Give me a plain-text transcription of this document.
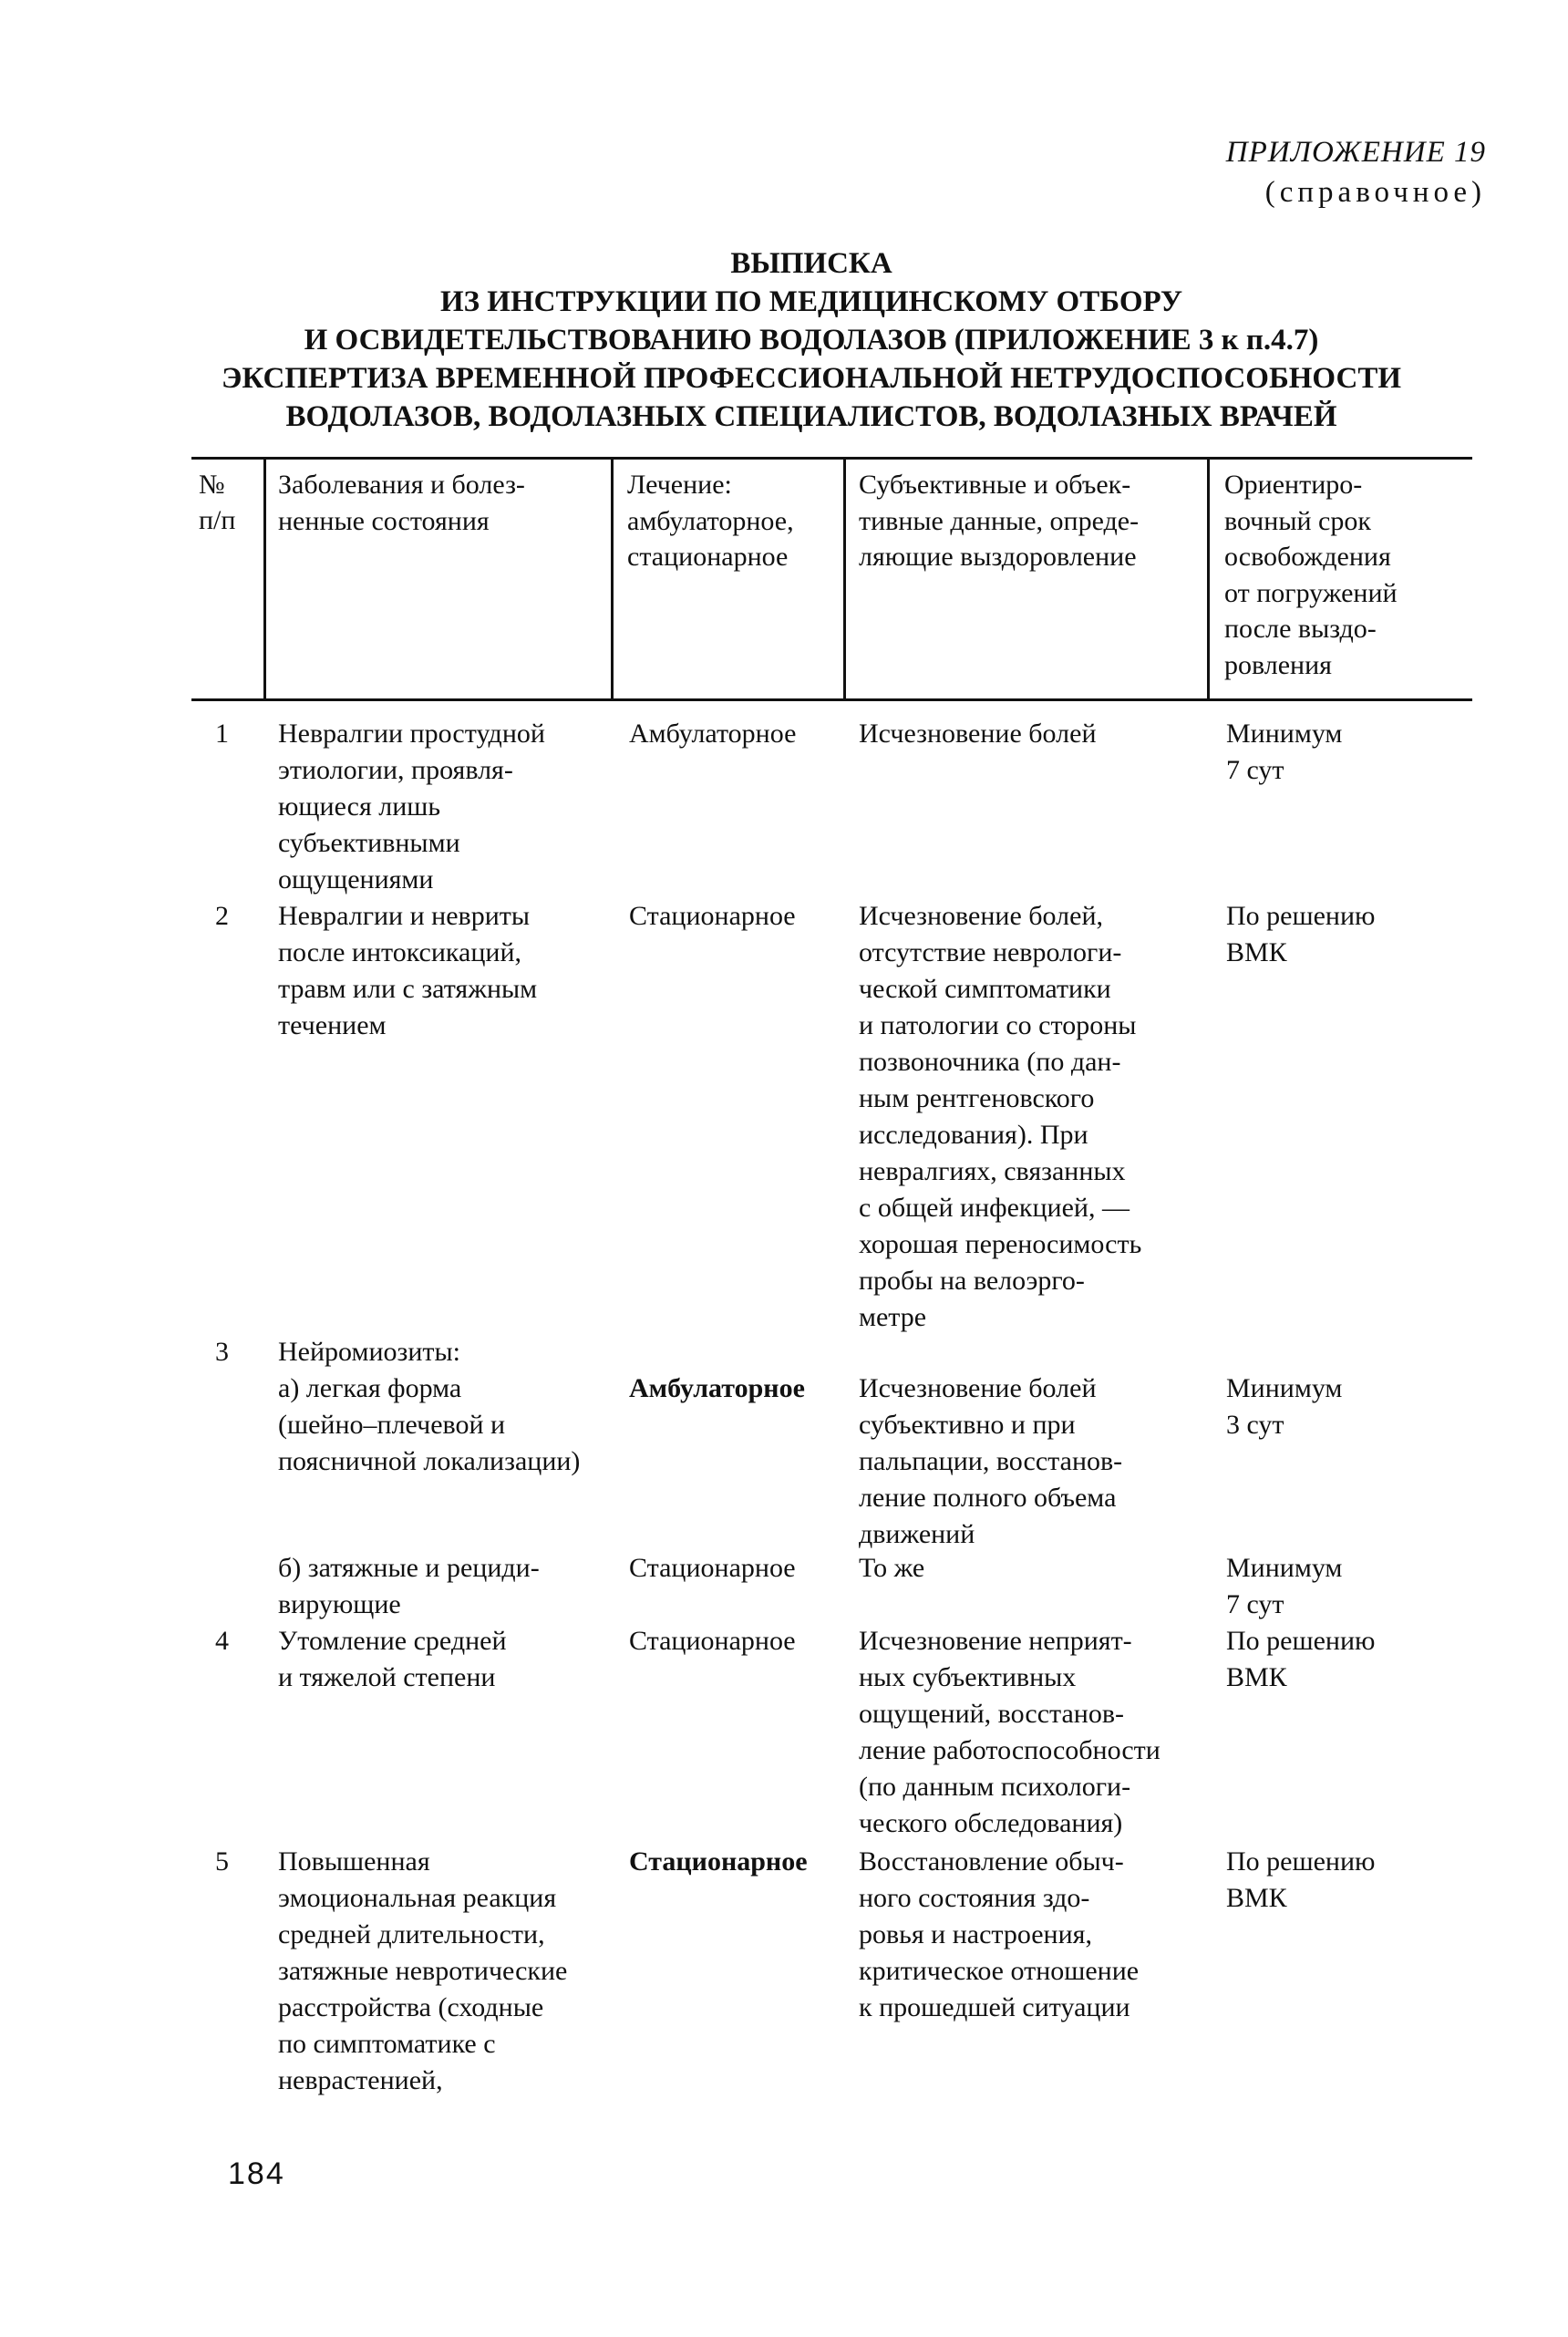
ПРИЛОЖЕНИЕ 19
(справочное)
ВЫПИСКА
ИЗ ИНСТРУКЦИИ ПО МЕДИЦИНСКОМУ ОТБОРУ
И ОСВИДЕТЕЛЬСТВОВАНИЮ ВОДОЛАЗОВ (ПРИЛОЖЕНИЕ 3 к п.4.7)
ЭКСПЕРТИЗА ВРЕМЕННОЙ ПРОФЕССИОНАЛЬНОЙ НЕТРУДОСПОСОБНОСТИ
ВОДОЛАЗОВ, ВОДОЛАЗНЫХ СПЕЦИАЛИСТОВ, ВОДОЛАЗНЫХ ВРАЧЕЙ
№
п/п
Заболевания и болез-
ненные состояния
Лечение:
амбулаторное,
стационарное
Субъективные и объек-
тивные данные, опреде-
ляющие выздоровление
Ориентиро-
вочный срок
освобождения
от погружений
после выздо-
ровления
1 Невралгии простудной
этиологии, проявля-
ющиеся лишь
субъективными
ощущениями
Амбулаторное Исчезновение болей	Минимум
7 сут
2 Невралгии и невриты
после интоксикаций,
травм или с затяжным
течением
Стационарное Исчезновение болей,
отсутствие неврологи-
ческой симптоматики
и патологии со стороны
позвоночника (по дан-
ным рентгеновского
исследования). При
невралгиях, связанных
с общей инфекцией, —
хорошая переносимость
пробы на велоэрго-
метре
По решению
ВМК
3 Нейромиозиты:
а) легкая форма
(шейно–плечевой и
поясничной локализации)
Амбулаторное Исчезновение болей
субъективно и при
пальпации, восстанов-
ление полного объема
движений
Минимум
3 сут
б) затяжные и рециди-
вирующие
Стационарное То же	Минимум
7 сут
4 Утомление средней
и тяжелой степени
Стационарное Исчезновение неприят-
ных субъективных
ощущений, восстанов-
ление работоспособности
(по данным психологи-
ческого обследования)
По решению
ВМК
5 Повышенная
эмоциональная реакция
средней длительности,
затяжные невротические
расстройства (сходные
по симптоматике с
неврастенией,
Стационарное Восстановление обыч-
ного состояния здо-
ровья и настроения,
критическое отношение
к прошедшей ситуации
По решению
ВМК
184
